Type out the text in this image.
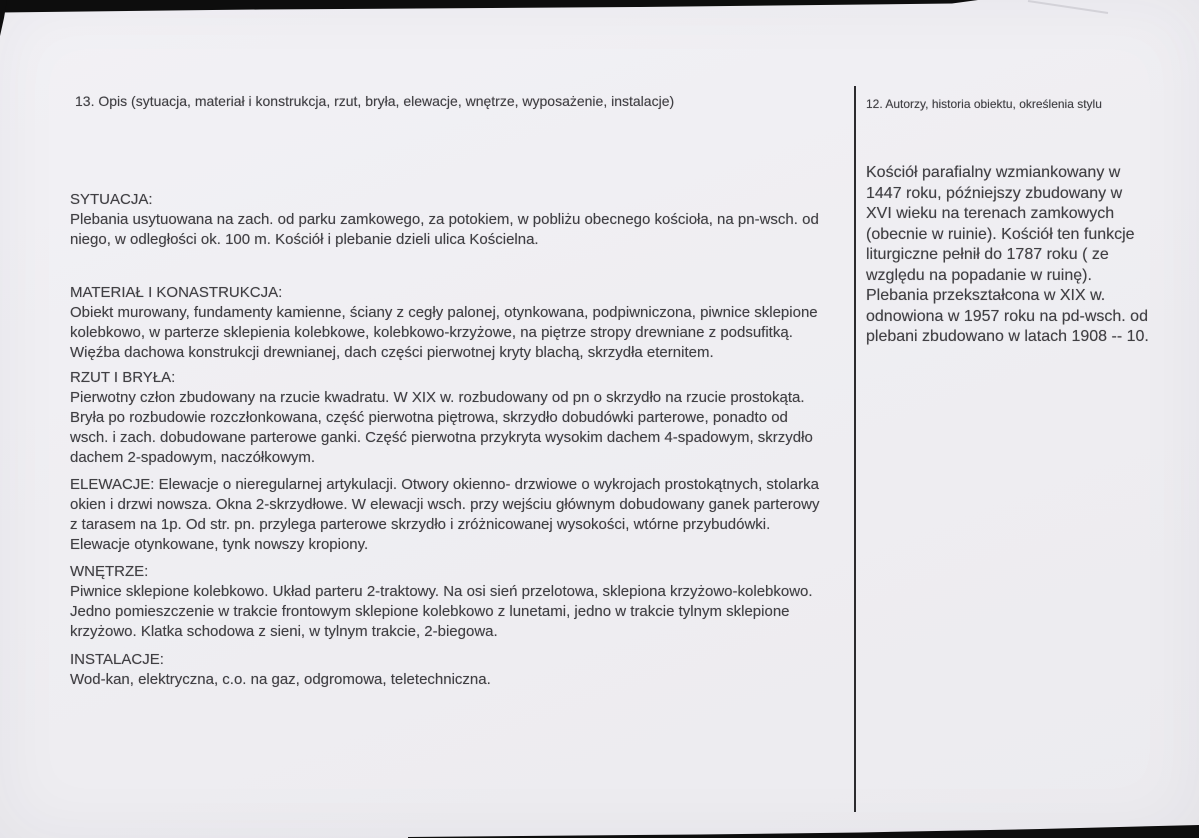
13. Opis (sytuacja, materiał i konstrukcja, rzut, bryła, elewacje, wnętrze, wyposażenie, instalacje)	12. Autorzy, historia obiektu, określenia stylu
SYTUACJA:
Plebania usytuowana na zach. od parku zamkowego, za potokiem, w pobliżu obecnego kościoła, na pn-wsch. od
niego, w odległości ok. 100 m. Kościół i plebanie dzieli ulica Kościelna.
MATERIAŁ I KONASTRUKCJA:
Obiekt murowany, fundamenty kamienne, ściany z cegły palonej, otynkowana, podpiwniczona, piwnice sklepione
kolebkowo, w parterze sklepienia kolebkowe, kolebkowo-krzyżowe, na piętrze stropy drewniane z podsufitką.
Więźba dachowa konstrukcji drewnianej, dach części pierwotnej kryty blachą, skrzydła eternitem.
RZUT I BRYŁA:
Pierwotny człon zbudowany na rzucie kwadratu. W XIX w. rozbudowany od pn o skrzydło na rzucie prostokąta.
Bryła po rozbudowie rozczłonkowana, część pierwotna piętrowa, skrzydło dobudówki parterowe, ponadto od
wsch. i zach. dobudowane parterowe ganki. Część pierwotna przykryta wysokim dachem 4-spadowym, skrzydło
dachem 2-spadowym, naczółkowym.
ELEWACJE: Elewacje o nieregularnej artykulacji. Otwory okienno- drzwiowe o wykrojach prostokątnych, stolarka
okien i drzwi nowsza. Okna 2-skrzydłowe. W elewacji wsch. przy wejściu głównym dobudowany ganek parterowy
z tarasem na 1p. Od str. pn. przylega parterowe skrzydło i zróżnicowanej wysokości, wtórne przybudówki.
Elewacje otynkowane, tynk nowszy kropiony.
WNĘTRZE:
Piwnice sklepione kolebkowo. Układ parteru 2-traktowy. Na osi sień przelotowa, sklepiona krzyżowo-kolebkowo.
Jedno pomieszczenie w trakcie frontowym sklepione kolebkowo z lunetami, jedno w trakcie tylnym sklepione
krzyżowo. Klatka schodowa z sieni, w tylnym trakcie, 2-biegowa.
INSTALACJE:
Wod-kan, elektryczna, c.o. na gaz, odgromowa, teletechniczna.
Kościół parafialny wzmiankowany w
1447 roku, późniejszy zbudowany w
XVI wieku na terenach zamkowych
(obecnie w ruinie). Kościół ten funkcje
liturgiczne pełnił do 1787 roku ( ze
względu na popadanie w ruinę).
Plebania przekształcona w XIX w.
odnowiona w 1957 roku na pd-wsch. od
plebani zbudowano w latach 1908 -- 10.
